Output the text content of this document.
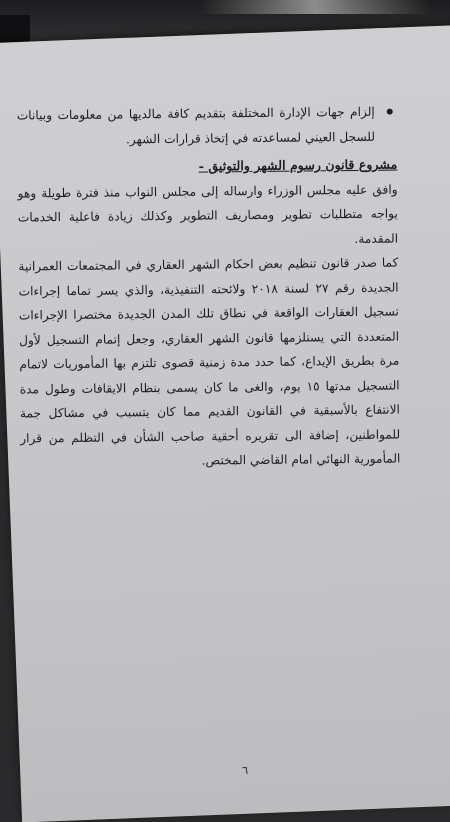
إلزام جهات الإدارة المختلفة بتقديم كافة مالديها من معلومات وبيانات للسجل العيني لمساعدته في إتخاذ قرارات الشهر.

مشروع قانون رسوم الشهر والتوثيق -

وافق عليه مجلس الوزراء وارساله إلى مجلس النواب منذ فترة طويلة وهو يواجه متطلبات تطوير ومصاريف التطوير وكذلك زيادة فاعلية الخدمات المقدمة.

كما صدر قانون تنظيم بعض احكام الشهر العقاري في المجتمعات العمرانية الجديدة رقم ٢٧ لسنة ٢٠١٨ ولائحته التنفيذية، والذي يسر تماما إجراءات تسجيل العقارات الواقعة في نطاق تلك المدن الجديدة مختصرا الإجراءات المتعددة التي يستلزمها قانون الشهر العقاري، وجعل إتمام التسجيل لأول مرة بطريق الإيداع، كما حدد مدة زمنية قصوى تلتزم بها المأموريات لاتمام التسجيل مدتها ١٥ يوم، والغى ما كان يسمى بنظام الايقافات وطول مدة الانتفاع بالأسبقية في القانون القديم مما كان يتسبب في مشاكل جمة للمواطنين، إضافة الى تقريره أحقية صاحب الشأن في التظلم من قرار المأمورية النهائي امام القاضي المختص.

٦
